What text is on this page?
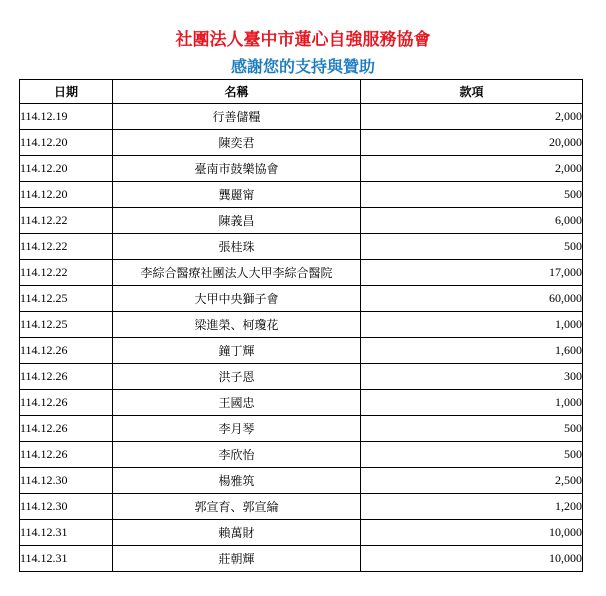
社團法人臺中市蓮心自強服務協會
感謝您的支持與贊助
日期	名稱	款項
114.12.19	行善儲糧	2,000
114.12.20	陳奕君	20,000
114.12.20	臺南市鼓樂協會	2,000
114.12.20	龔麗甯	500
114.12.22	陳義昌	6,000
114.12.22	張桂珠	500
114.12.22	李綜合醫療社團法人大甲李綜合醫院	17,000
114.12.25	大甲中央獅子會	60,000
114.12.25	梁進榮、柯瓊花	1,000
114.12.26	鐘丁輝	1,600
114.12.26	洪子恩	300
114.12.26	王國忠	1,000
114.12.26	李月琴	500
114.12.26	李欣怡	500
114.12.30	楊雅筑	2,500
114.12.30	郭宣育、郭宣綸	1,200
114.12.31	賴萬財	10,000
114.12.31	莊朝輝	10,000
